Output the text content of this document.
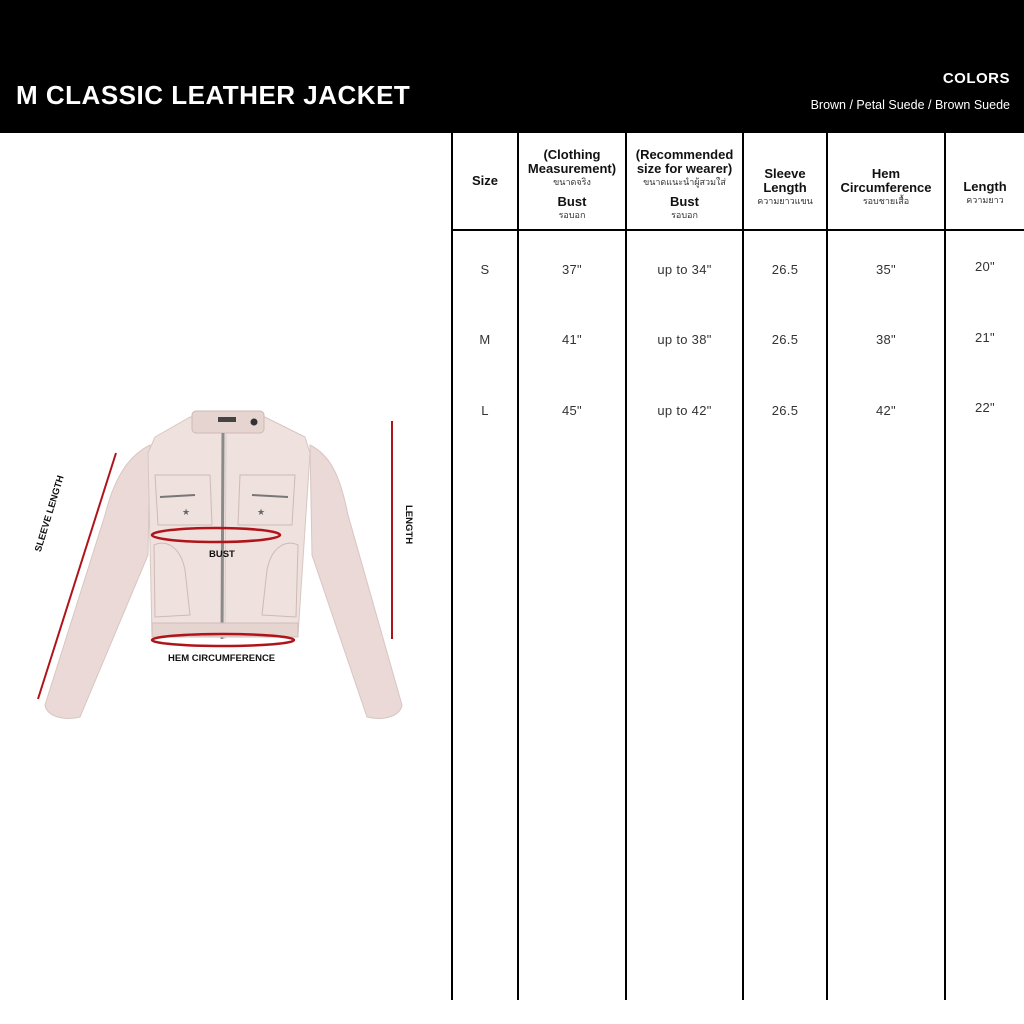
M CLASSIC LEATHER JACKET
COLORS
Brown / Petal Suede / Brown Suede
Size
(Clothing
Measurement)
ขนาดจริง
Bust
รอบอก
(Recommended
size for wearer)
ขนาดแนะนำผู้สวมใส่
Bust
รอบอก
Sleeve
Length
ความยาวแขน
Hem
Circumference
รอบชายเสื้อ
Length
ความยาว
S	37"	up to 34"	26.5	35"	20"
M	41"	up to 38"	26.5	38"	21"
L	45"	up to 42"	26.5	42"	22"
★	★
SLEEVE LENGTH
BUST
HEM CIRCUMFERENCE
LENGTH
